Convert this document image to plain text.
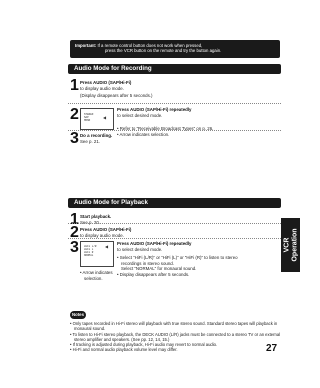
Important: If a remote control button does not work when pressed,
press the VCR button on the remote and try the button again.
Audio Mode for Recording
1 Press AUDIO (SAP/Hi-Fi)
to display audio mode.
(Display disappears after 5 seconds.)
2 STEREO
SAP
MONO
◀
Press AUDIO (SAP/Hi-Fi) repeatedly
to select desired mode.
• Refer to “Receivable Broadcast Types” on p. 26.
• Arrow indicates selection.
3 Do a recording.
See p. 21.
Audio Mode for Playback
1 Start playback.
See p. 20.
2 Press AUDIO (SAP/Hi-Fi)
to display audio mode.
3 HiFi L/R
HiFi L
HiFi R
NORMAL
◀
• Arrow indicates
selection.
Press AUDIO (SAP/Hi-Fi) repeatedly
to select desired mode.
• Select “HiFi (L/R)” or “HiFi (L)” or “HiFi (R)” to listen to stereo
recordings in stereo sound.
Select “NORMAL” for monaural sound.
• Display disappears after 5 seconds.
VCR Operation
Notes
• Only tapes recorded in Hi-Fi stereo will playback with true stereo sound. Standard stereo tapes will playback in monaural sound.
• To listen to Hi-Fi stereo playback, the DECK AUDIO (L/R) jacks must be connected to a stereo TV or an external stereo amplifier and speakers. (See pp. 12, 14, 15.)
• If tracking is adjusted during playback, Hi-Fi audio may revert to normal audio.
• Hi-Fi and normal audio playback volume level may differ.	27
